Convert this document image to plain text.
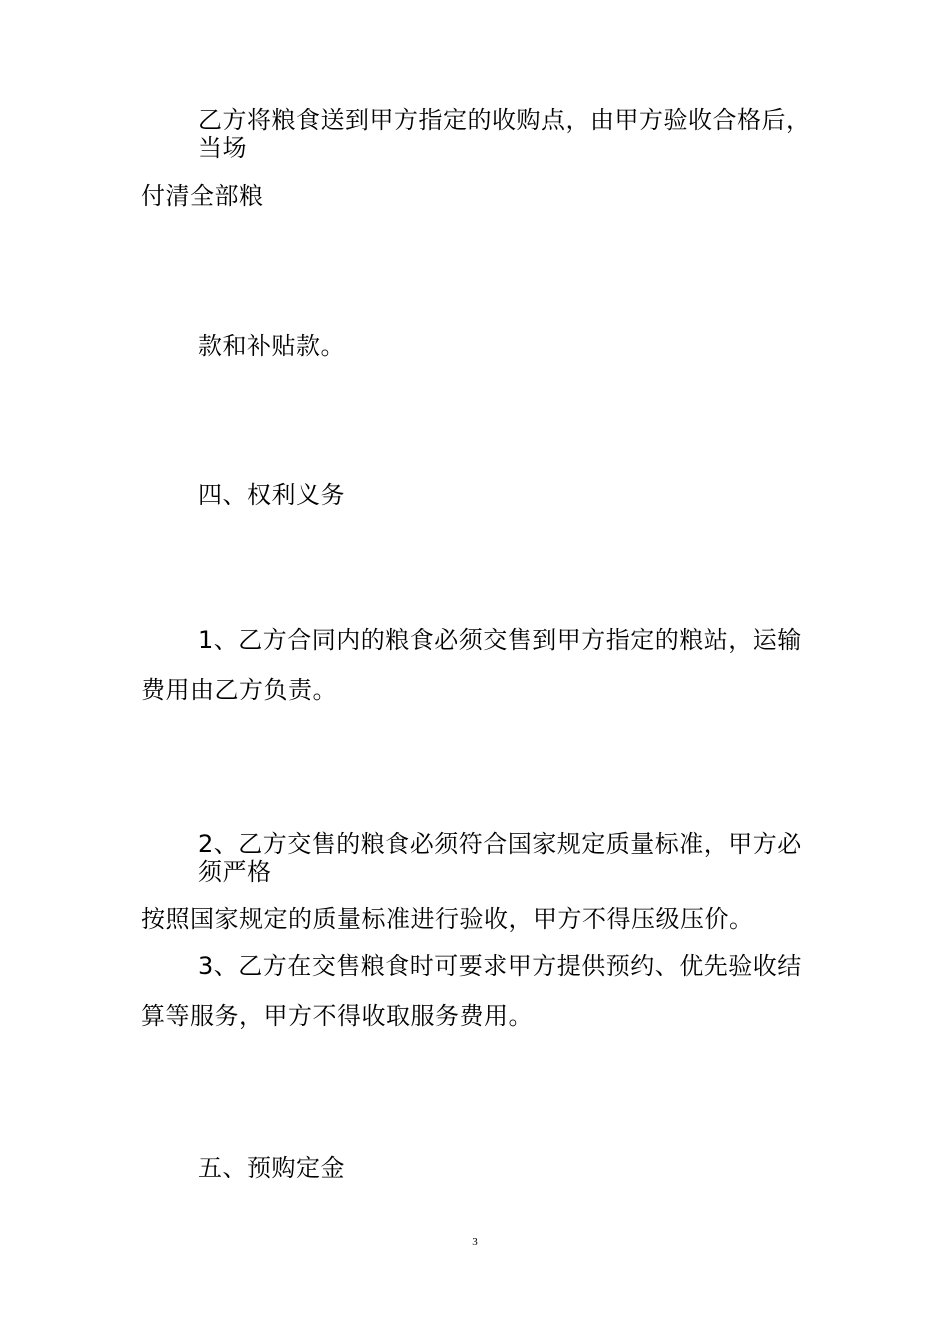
乙方将粮食送到甲方指定的收购点，由甲方验收合格后，
当场
付清全部粮
款和补贴款。
四、权利义务
1、乙方合同内的粮食必须交售到甲方指定的粮站，运输
费用由乙方负责。
2、乙方交售的粮食必须符合国家规定质量标准，甲方必
须严格
按照国家规定的质量标准进行验收，甲方不得压级压价。
3、乙方在交售粮食时可要求甲方提供预约、优先验收结
算等服务，甲方不得收取服务费用。
五、预购定金
3
